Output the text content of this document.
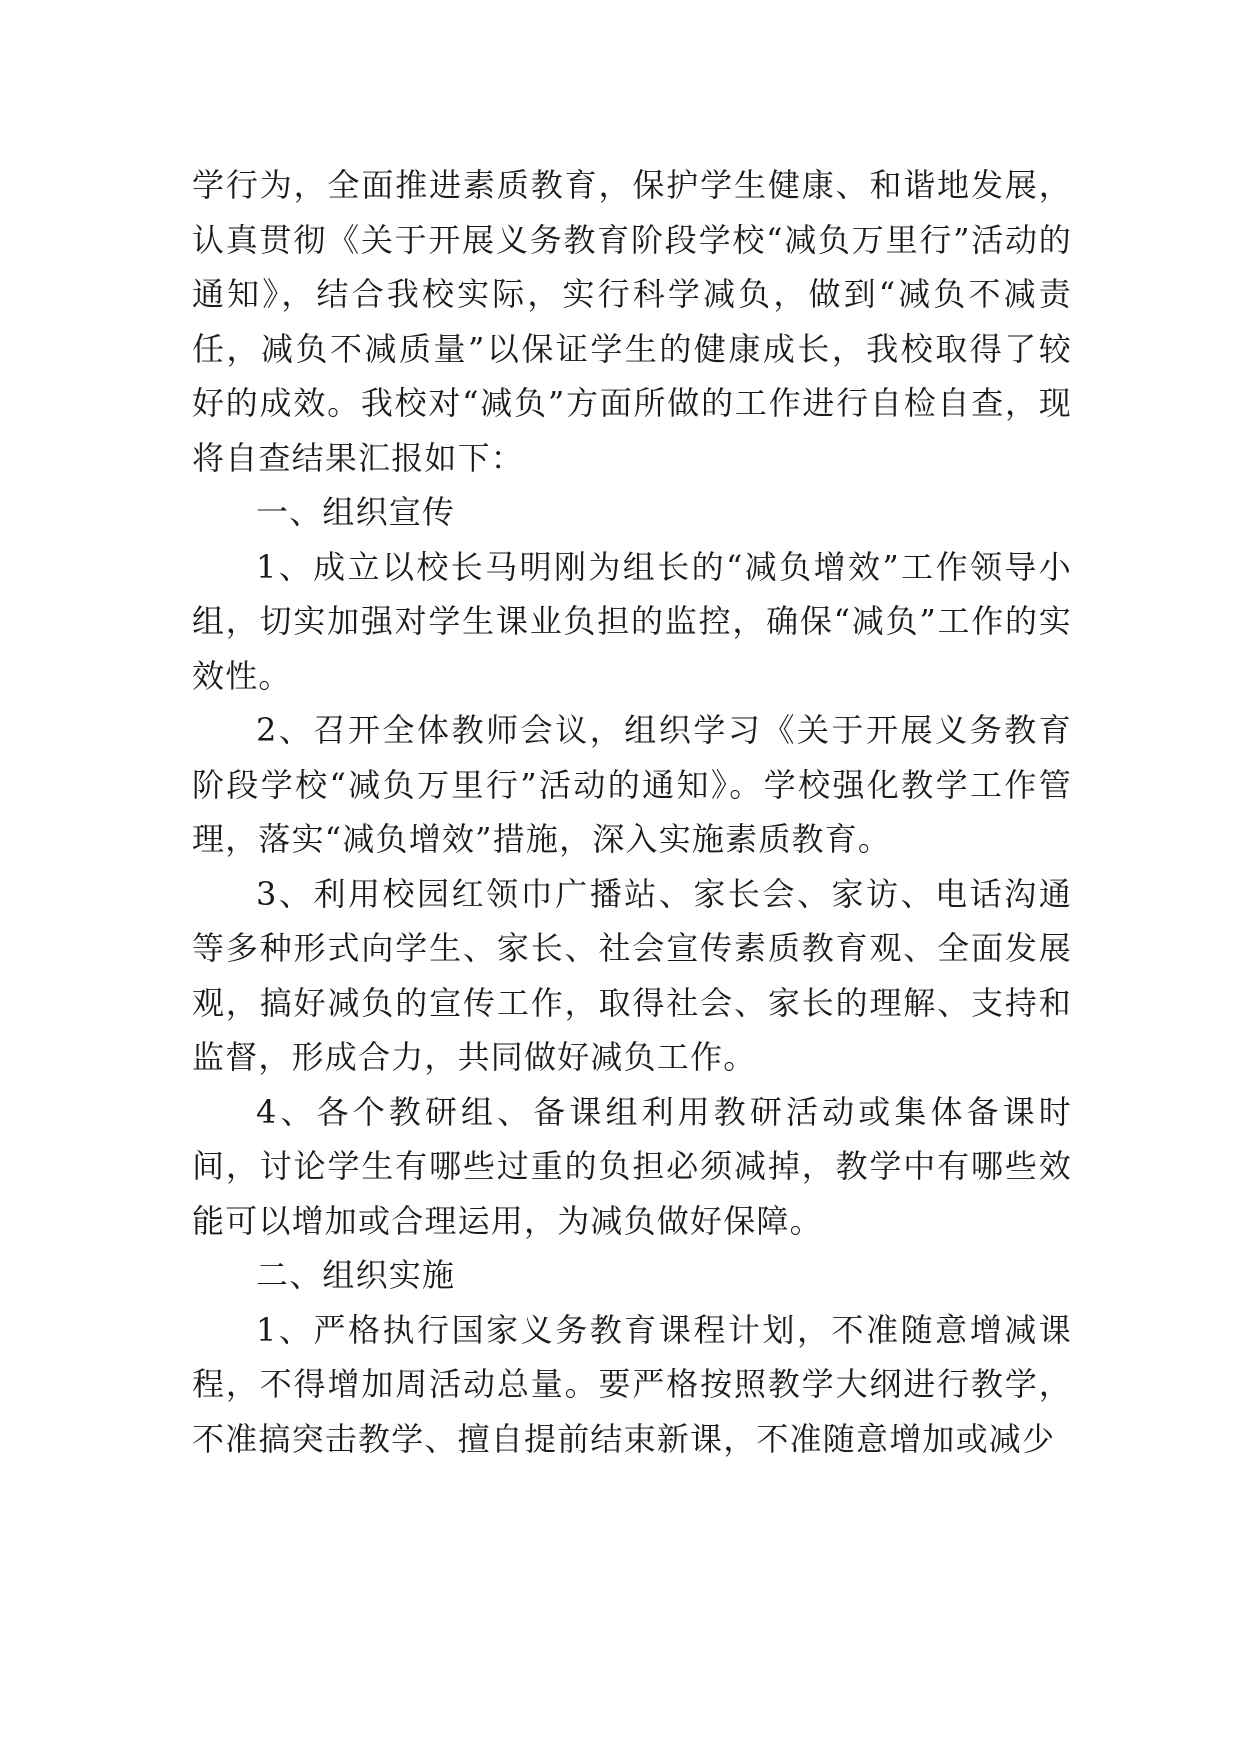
学行为，全面推进素质教育，保护学生健康、和谐地发展，认真贯彻《关于开展义务教育阶段学校“减负万里行”活动的通知》，结合我校实际，实行科学减负，做到“减负不减责任，减负不减质量”以保证学生的健康成长，我校取得了较好的成效。我校对“减负”方面所做的工作进行自检自查，现将自查结果汇报如下：

一、组织宣传

1、成立以校长马明刚为组长的“减负增效”工作领导小组，切实加强对学生课业负担的监控，确保“减负”工作的实效性。

2、召开全体教师会议，组织学习《关于开展义务教育阶段学校“减负万里行”活动的通知》。学校强化教学工作管理，落实“减负增效”措施，深入实施素质教育。

3、利用校园红领巾广播站、家长会、家访、电话沟通等多种形式向学生、家长、社会宣传素质教育观、全面发展观，搞好减负的宣传工作，取得社会、家长的理解、支持和监督，形成合力，共同做好减负工作。

4、各个教研组、备课组利用教研活动或集体备课时间，讨论学生有哪些过重的负担必须减掉，教学中有哪些效能可以增加或合理运用，为减负做好保障。

二、组织实施

1、严格执行国家义务教育课程计划，不准随意增减课程，不得增加周活动总量。要严格按照教学大纲进行教学，不准搞突击教学、擅自提前结束新课，不准随意增加或减少
